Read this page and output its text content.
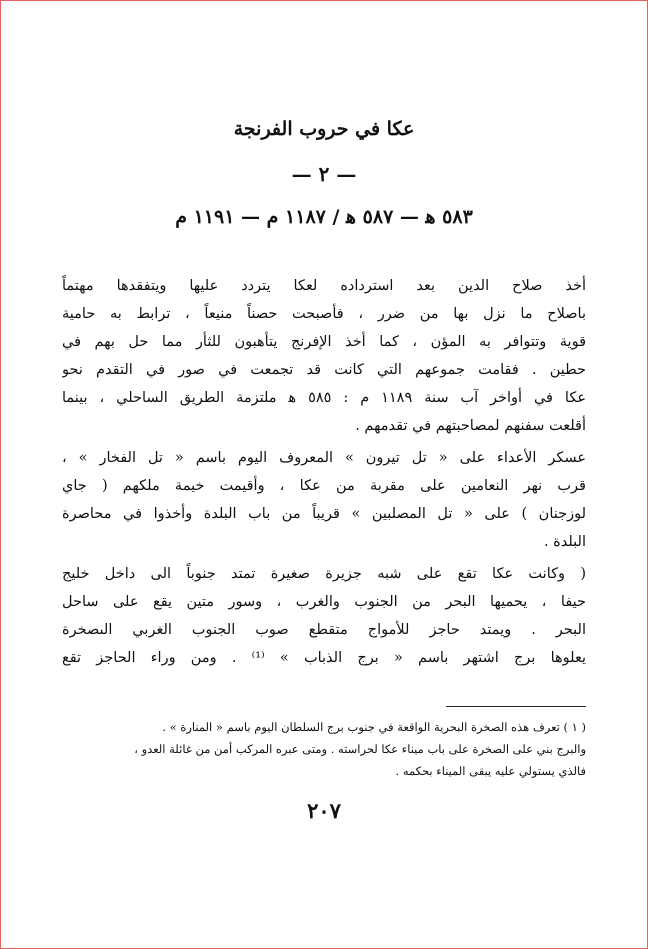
عكا في حروب الفرنجة
— ٢ —
٥٨٣ ﻫ — ٥٨٧ ﻫ / ١١٨٧ م — ١١٩١ م
أخذ صلاح الدين بعد استرداده لعكا يتردد عليها ويتفقدها مهتماً
باصلاح ما نزل بها من ضرر ، فأصبحت حصناً منيعاً ، ترابط به حامية
قوية وتتوافر به المؤن ، كما أخذ الإفرنج يتأهبون للثأر مما حل بهم في
حطين . فقامت جموعهم التي كانت قد تجمعت في صور في التقدم نحو
عكا في أواخر آب سنة ١١٨٩ م : ٥٨٥ ﻫ ملتزمة الطريق الساحلي ، بينما
أقلعت سفنهم لمصاحبتهم في تقدمهم .
عسكر الأعداء على « تل تيرون » المعروف اليوم باسم « تل الفخار » ،
قرب نهر النعامين على مقربة من عكا ، وأقيمت خيمة ملكهم ( جاي
لوزجنان ) على « تل المصلبين » قريباً من باب البلدة وأخذوا في محاصرة
البلدة .
( وكانت عكا تقع على شبه جزيرة صغيرة تمتد جنوباً الى داخل خليج
حيفا ، يحميها البحر من الجنوب والغرب ، وسور متين يقع على ساحل
البحر . ويمتد حاجز للأمواج متقطع صوب الجنوب الغربي الىصخرة
يعلوها برج اشتهر باسم « برج الذباب » ⁽¹⁾ . ومن وراء الحاجز تقع
( ١ ) تعرف هذه الصخرة البحرية الواقعة في جنوب برج السلطان اليوم باسم « المنارة » .
والبرج بني على الصخرة على باب ميناء عكا لحراسته . ومتى عبره المركب أمن من غائلة العدو ،
فالذي يستولي عليه يبقى الميناء بحكمه .
٢٠٧
